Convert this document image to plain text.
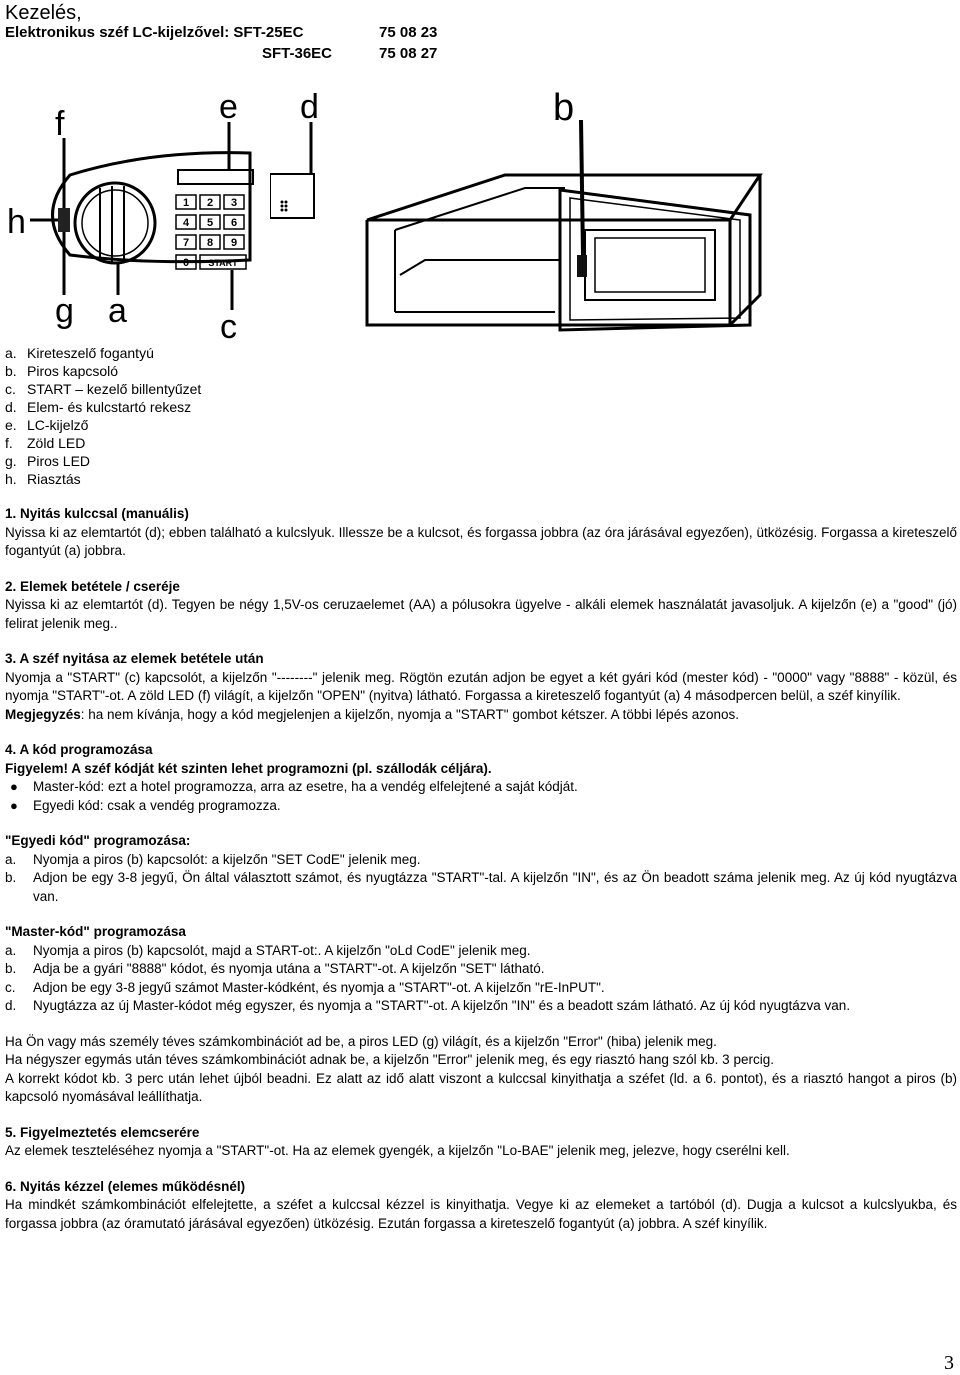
Kezelés,
Elektronikus széf LC-kijelzővel: SFT-25EC	75 08 23
SFT-36EC	75 08 27
f	e
h
g a	c
1 2 3
4 5 6
7 8 9
0 START
d	b
a. Kireteszelő fogantyú
b. Piros kapcsoló
c. START – kezelő billentyűzet
d. Elem- és kulcstartó rekesz
e. LC-kijelző
f. Zöld LED
g. Piros LED
h. Riasztás

1. Nyitás kulccsal (manuális)

Nyissa ki az elemtartót (d); ebben található a kulcslyuk. Illessze be a kulcsot, és forgassa jobbra (az óra járásával egyezően), ütközésig. Forgassa a kireteszelő fogantyút (a) jobbra.

2. Elemek betétele / cseréje

Nyissa ki az elemtartót (d). Tegyen be négy 1,5V-os ceruzaelemet (AA) a pólusokra ügyelve - alkáli elemek használatát javasoljuk. A kijelzőn (e) a "good" (jó) felirat jelenik meg..

3. A széf nyitása az elemek betétele után

Nyomja a "START" (c) kapcsolót, a kijelzőn "--------" jelenik meg. Rögtön ezután adjon be egyet a két gyári kód (mester kód) - "0000" vagy "8888" - közül, és nyomja "START"-ot. A zöld LED (f) világít, a kijelzőn "OPEN" (nyitva) látható. Forgassa a kireteszelő fogantyút (a) 4 másodpercen belül, a széf kinyílik.

Megjegyzés: ha nem kívánja, hogy a kód megjelenjen a kijelzőn, nyomja a "START" gombot kétszer. A többi lépés azonos.

4. A kód programozása

Figyelem! A széf kódját két szinten lehet programozni (pl. szállodák céljára).

● Master-kód: ezt a hotel programozza, arra az esetre, ha a vendég elfelejtené a saját kódját.
● Egyedi kód: csak a vendég programozza.

"Egyedi kód" programozása:

a. Nyomja a piros (b) kapcsolót: a kijelzőn "SET CodE" jelenik meg.
b. Adjon be egy 3-8 jegyű, Ön által választott számot, és nyugtázza "START"-tal. A kijelzőn "IN", és az Ön beadott száma jelenik meg. Az új kód nyugtázva van.

"Master-kód" programozása

a. Nyomja a piros (b) kapcsolót, majd a START-ot:. A kijelzőn "oLd CodE" jelenik meg.
b. Adja be a gyári "8888" kódot, és nyomja utána a "START"-ot. A kijelzőn "SET" látható.
c. Adjon be egy 3-8 jegyű számot Master-kódként, és nyomja a "START"-ot. A kijelzőn "rE-InPUT".
d. Nyugtázza az új Master-kódot még egyszer, és nyomja a "START"-ot. A kijelzőn "IN" és a beadott szám látható. Az új kód nyugtázva van.

Ha Ön vagy más személy téves számkombinációt ad be, a piros LED (g) világít, és a kijelzőn "Error" (hiba) jelenik meg.

Ha négyszer egymás után téves számkombinációt adnak be, a kijelzőn "Error" jelenik meg, és egy riasztó hang szól kb. 3 percig.

A korrekt kódot kb. 3 perc után lehet újból beadni. Ez alatt az idő alatt viszont a kulccsal kinyithatja a széfet (ld. a 6. pontot), és a riasztó hangot a piros (b) kapcsoló nyomásával leállíthatja.

5. Figyelmeztetés elemcserére

Az elemek teszteléséhez nyomja a "START"-ot. Ha az elemek gyengék, a kijelzőn "Lo-BAE" jelenik meg, jelezve, hogy cserélni kell.

6. Nyitás kézzel (elemes működésnél)

Ha mindkét számkombinációt elfelejtette, a széfet a kulccsal kézzel is kinyithatja. Vegye ki az elemeket a tartóból (d). Dugja a kulcsot a kulcslyukba, és forgassa jobbra (az óramutató járásával egyezően) ütközésig. Ezután forgassa a kireteszelő fogantyút (a) jobbra. A széf kinyílik.

3
